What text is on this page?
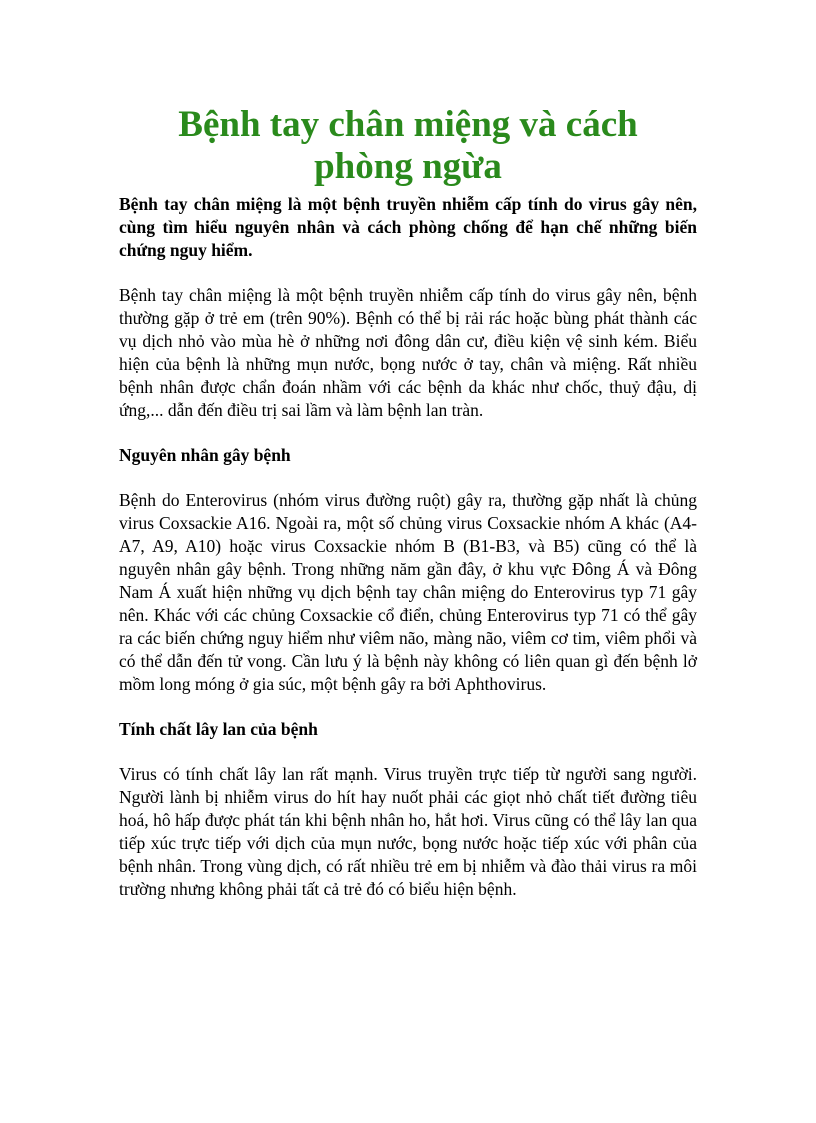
Bệnh tay chân miệng và cách phòng ngừa

Bệnh tay chân miệng là một bệnh truyền nhiễm cấp tính do virus gây nên, cùng tìm hiểu nguyên nhân và cách phòng chống để hạn chế những biến chứng nguy hiểm.

Bệnh tay chân miệng là một bệnh truyền nhiễm cấp tính do virus gây nên, bệnh thường gặp ở trẻ em (trên 90%). Bệnh có thể bị rải rác hoặc bùng phát thành các vụ dịch nhỏ vào mùa hè ở những nơi đông dân cư, điều kiện vệ sinh kém. Biểu hiện của bệnh là những mụn nước, bọng nước ở tay, chân và miệng. Rất nhiều bệnh nhân được chẩn đoán nhầm với các bệnh da khác như chốc, thuỷ đậu, dị ứng,... dẫn đến điều trị sai lầm và làm bệnh lan tràn.

Nguyên nhân gây bệnh

Bệnh do Enterovirus (nhóm virus đường ruột) gây ra, thường gặp nhất là chủng virus Coxsackie A16. Ngoài ra, một số chủng virus Coxsackie nhóm A khác (A4-A7, A9, A10) hoặc virus Coxsackie nhóm B (B1-B3, và B5) cũng có thể là nguyên nhân gây bệnh. Trong những năm gần đây, ở khu vực Đông Á và Đông Nam Á xuất hiện những vụ dịch bệnh tay chân miệng do Enterovirus typ 71 gây nên. Khác với các chủng Coxsackie cổ điển, chủng Enterovirus typ 71 có thể gây ra các biến chứng nguy hiểm như viêm não, màng não, viêm cơ tim, viêm phổi và có thể dẫn đến tử vong. Cần lưu ý là bệnh này không có liên quan gì đến bệnh lở mồm long móng ở gia súc, một bệnh gây ra bởi Aphthovirus.

Tính chất lây lan của bệnh

Virus có tính chất lây lan rất mạnh. Virus truyền trực tiếp từ người sang người. Người lành bị nhiễm virus do hít hay nuốt phải các giọt nhỏ chất tiết đường tiêu hoá, hô hấp được phát tán khi bệnh nhân ho, hắt hơi. Virus cũng có thể lây lan qua tiếp xúc trực tiếp với dịch của mụn nước, bọng nước hoặc tiếp xúc với phân của bệnh nhân. Trong vùng dịch, có rất nhiều trẻ em bị nhiễm và đào thải virus ra môi trường nhưng không phải tất cả trẻ đó có biểu hiện bệnh.
